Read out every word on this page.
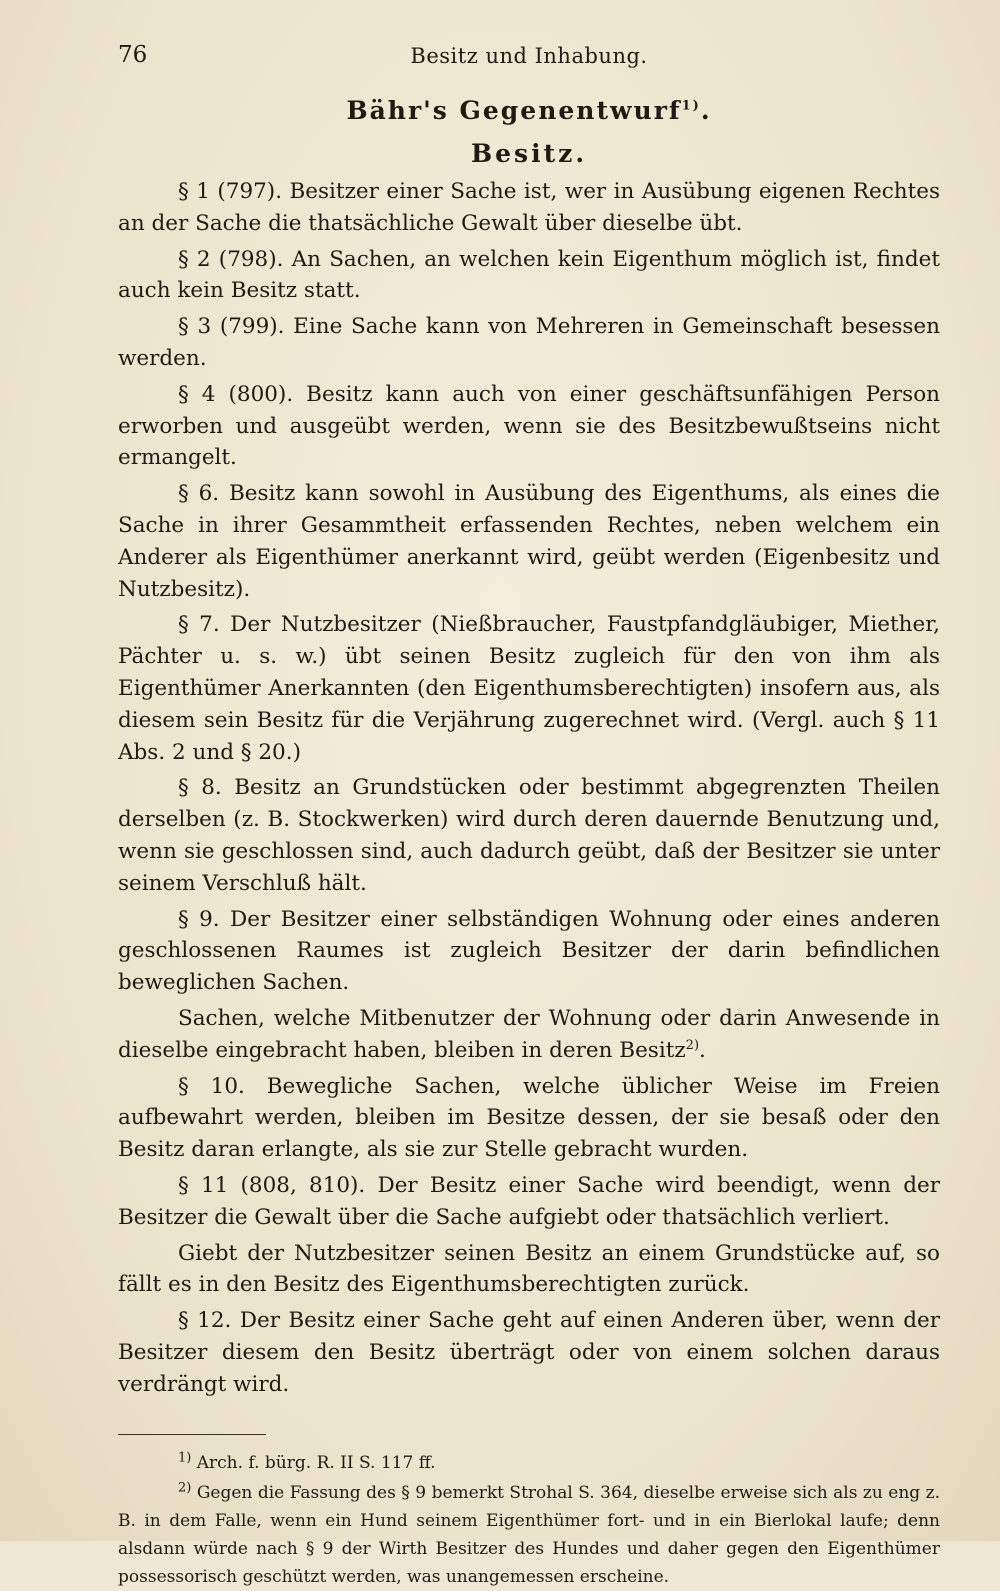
76	Besitz und Inhabung.
Bähr's Gegenentwurf$^{1)}$.
Besitz.

§ 1 (797). Besitzer einer Sache ist, wer in Ausübung eigenen Rechtes an der Sache die thatsächliche Gewalt über dieselbe übt.

§ 2 (798). An Sachen, an welchen kein Eigenthum möglich ist, findet auch kein Besitz statt.

§ 3 (799). Eine Sache kann von Mehreren in Gemeinschaft besessen werden.

§ 4 (800). Besitz kann auch von einer geschäftsunfähigen Person erworben und ausgeübt werden, wenn sie des Besitzbewußtseins nicht ermangelt.

§ 6. Besitz kann sowohl in Ausübung des Eigenthums, als eines die Sache in ihrer Gesammtheit erfassenden Rechtes, neben welchem ein Anderer als Eigenthümer anerkannt wird, geübt werden (Eigenbesitz und Nutzbesitz).

§ 7. Der Nutzbesitzer (Nießbraucher, Faustpfandgläubiger, Miether, Pächter u. s. w.) übt seinen Besitz zugleich für den von ihm als Eigenthümer Anerkannten (den Eigenthumsberechtigten) insofern aus, als diesem sein Besitz für die Verjährung zugerechnet wird. (Vergl. auch § 11 Abs. 2 und § 20.)

§ 8. Besitz an Grundstücken oder bestimmt abgegrenzten Theilen derselben (z. B. Stockwerken) wird durch deren dauernde Benutzung und, wenn sie geschlossen sind, auch dadurch geübt, daß der Besitzer sie unter seinem Verschluß hält.

§ 9. Der Besitzer einer selbständigen Wohnung oder eines anderen geschlossenen Raumes ist zugleich Besitzer der darin befindlichen beweglichen Sachen.

Sachen, welche Mitbenutzer der Wohnung oder darin Anwesende in dieselbe eingebracht haben, bleiben in deren Besitz$^{2)}$.

§ 10. Bewegliche Sachen, welche üblicher Weise im Freien aufbewahrt werden, bleiben im Besitze dessen, der sie besaß oder den Besitz daran erlangte, als sie zur Stelle gebracht wurden.

§ 11 (808, 810). Der Besitz einer Sache wird beendigt, wenn der Besitzer die Gewalt über die Sache aufgiebt oder thatsächlich verliert.

Giebt der Nutzbesitzer seinen Besitz an einem Grundstücke auf, so fällt es in den Besitz des Eigenthumsberechtigten zurück.

§ 12. Der Besitz einer Sache geht auf einen Anderen über, wenn der Besitzer diesem den Besitz überträgt oder von einem solchen daraus verdrängt wird.

$^{1)}$ Arch. f. bürg. R. II S. 117 ff.

$^{2)}$ Gegen die Fassung des § 9 bemerkt Strohal S. 364, dieselbe erweise sich als zu eng z. B. in dem Falle, wenn ein Hund seinem Eigenthümer fort- und in ein Bierlokal laufe; denn alsdann würde nach § 9 der Wirth Besitzer des Hundes und daher gegen den Eigenthümer possessorisch geschützt werden, was unangemessen erscheine.
